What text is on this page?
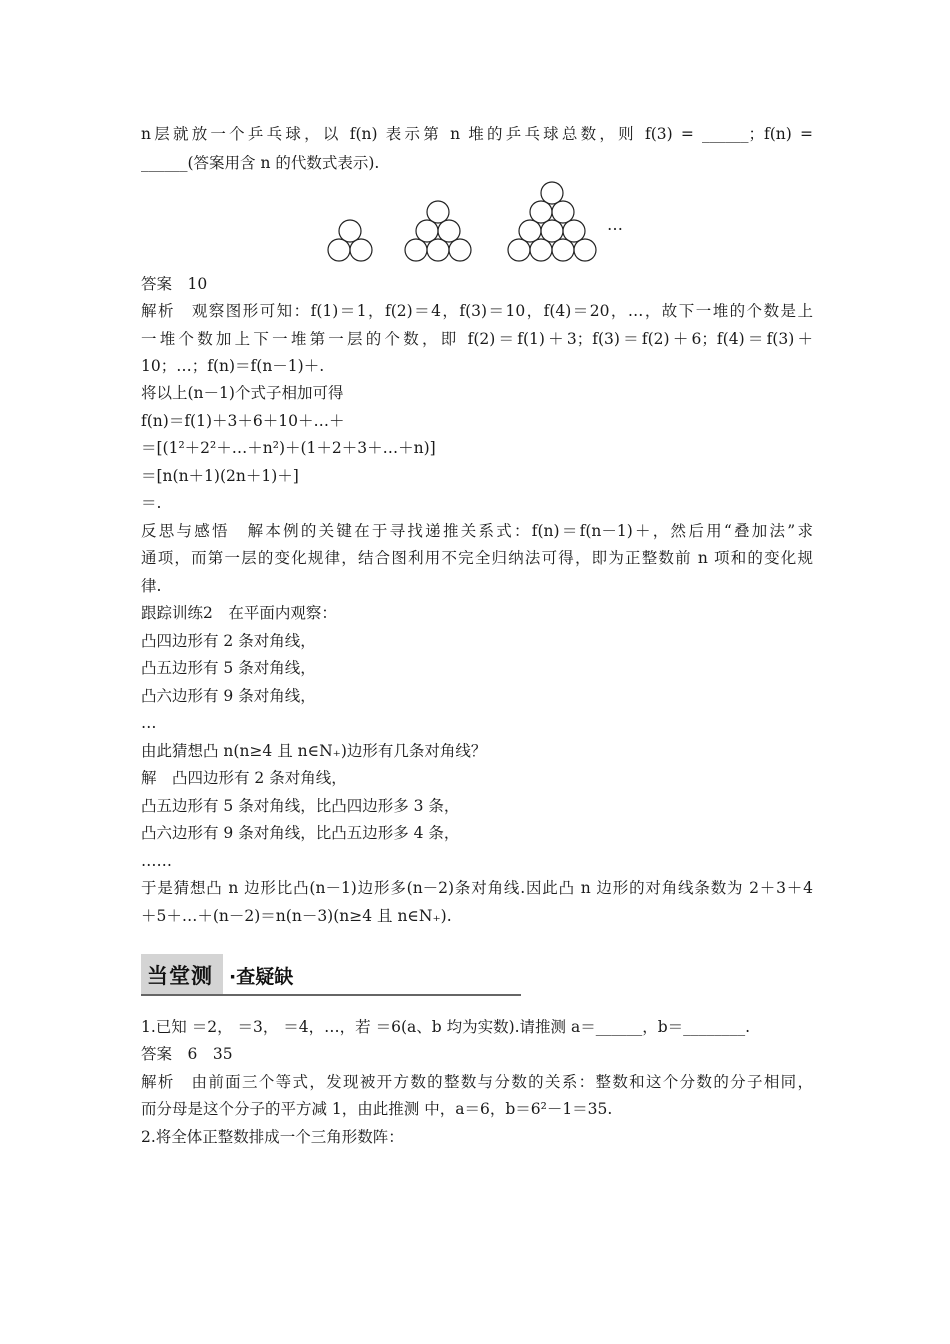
n层就放一个乒乓球，以 f(n) 表示第 n 堆的乒乓球总数，则 f(3) = ______；f(n) =
______(答案用含 n 的代数式表示).
…
答案　10
解析　观察图形可知：f(1)＝1，f(2)＝4，f(3)＝10，f(4)＝20，…，故下一堆的个数是上
一堆个数加上下一堆第一层的个数，即 f(2)＝f(1)＋3；f(3)＝f(2)＋6；f(4)＝f(3)＋
10；…；f(n)＝f(n－1)＋.
将以上(n－1)个式子相加可得
f(n)＝f(1)＋3＋6＋10＋…＋
＝[(1²＋2²＋…＋n²)＋(1＋2＋3＋…＋n)]
＝[n(n＋1)(2n＋1)＋]
＝.
反思与感悟　解本例的关键在于寻找递推关系式：f(n)＝f(n－1)＋，然后用“叠加法”求
通项，而第一层的变化规律，结合图利用不完全归纳法可得，即为正整数前 n 项和的变化规
律.
跟踪训练2　在平面内观察：
凸四边形有 2 条对角线，
凸五边形有 5 条对角线，
凸六边形有 9 条对角线，
…
由此猜想凸 n(n≥4 且 n∈N₊)边形有几条对角线？
解　凸四边形有 2 条对角线，
凸五边形有 5 条对角线，比凸四边形多 3 条，
凸六边形有 9 条对角线，比凸五边形多 4 条，
……
于是猜想凸 n 边形比凸(n－1)边形多(n－2)条对角线.因此凸 n 边形的对角线条数为 2＋3＋4
＋5＋…＋(n－2)＝n(n－3)(n≥4 且 n∈N₊).
当堂测 ·查疑缺
1.已知 ＝2， ＝3， ＝4，…，若 ＝6(a、b 均为实数).请推测 a＝______，b＝________.
答案　6　35
解析　由前面三个等式，发现被开方数的整数与分数的关系：整数和这个分数的分子相同，
而分母是这个分子的平方减 1，由此推测 中，a＝6，b＝6²－1＝35.
2.将全体正整数排成一个三角形数阵：
